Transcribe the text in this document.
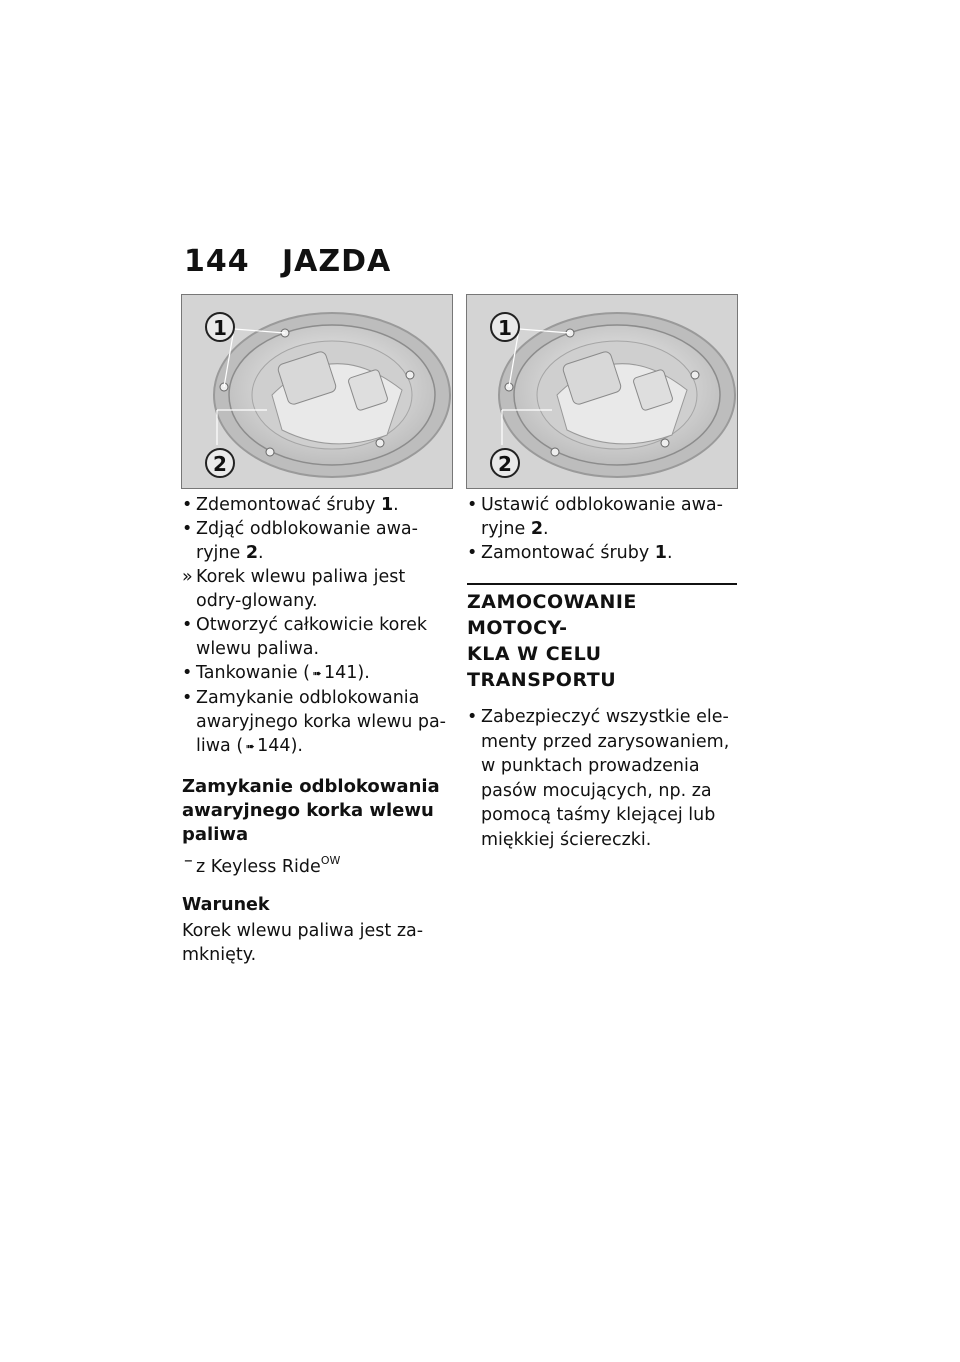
144 JAZDA
1
2
1
2
• Zdemontować śruby 1.
• Zdjąć odblokowanie awa-ryjne 2.
» Korek wlewu paliwa jest odry-glowany.
• Otworzyć całkowicie korek wlewu paliwa.
• Tankowanie ( ➠ 141).
• Zamykanie odblokowania awaryjnego korka wlewu pa-liwa ( ➠ 144).
Zamykanie odblokowania awaryjnego korka wlewu paliwa
– z Keyless Ride$^{OW}$
Warunek
Korek wlewu paliwa jest za-mknięty.
• Ustawić odblokowanie awa-ryjne 2.
• Zamontować śruby 1.
ZAMOCOWANIE MOTOCY-
KLA W CELU TRANSPORTU
• Zabezpieczyć wszystkie ele-menty przed zarysowaniem, w punktach prowadzenia pasów mocujących, np. za pomocą taśmy klejącej lub miękkiej ściereczki.
